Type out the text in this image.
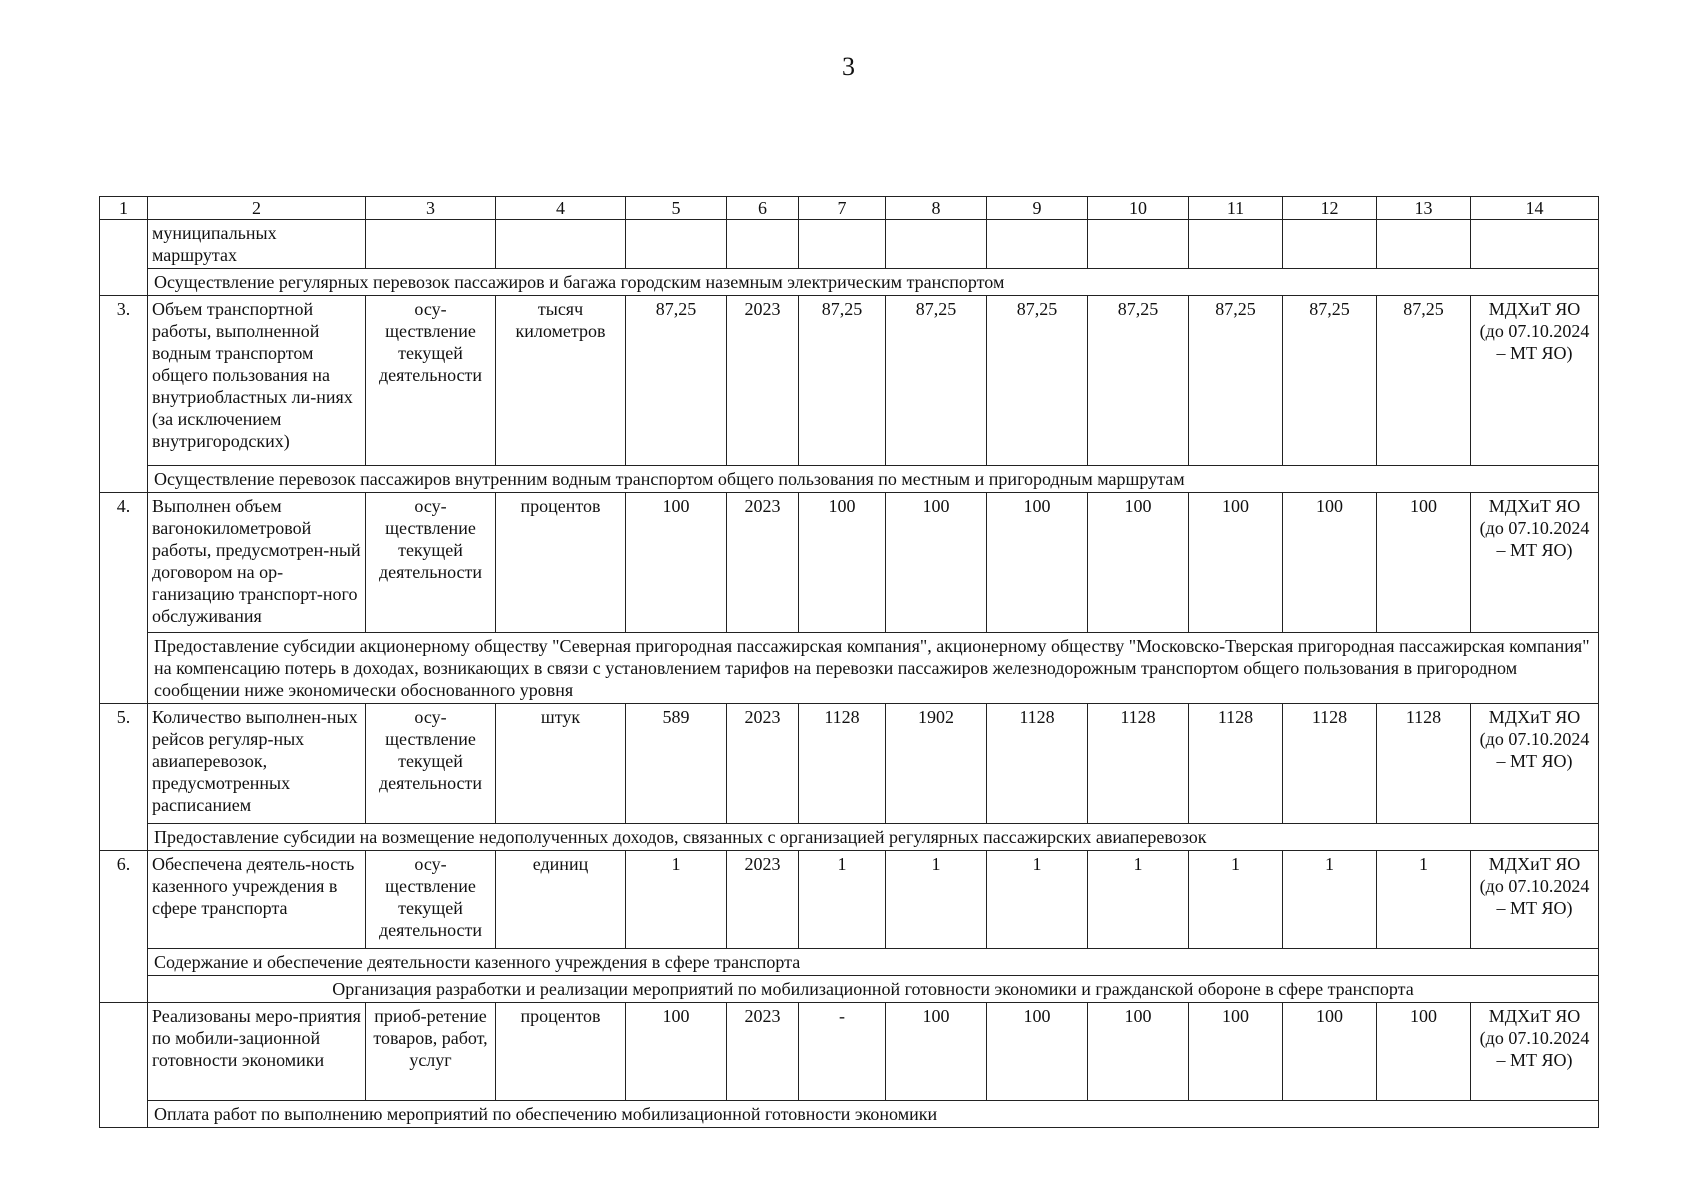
3
1	2	3	4	5	6	7	8	9	10	11	12	13	14
	муниципальных маршрутах												
	Осуществление регулярных перевозок пассажиров и багажа городским наземным электрическим транспортом												
3.	Объем транспортной работы, выполненной водным транспортом общего пользования на внутриобластных ли-ниях (за исключением внутригородских)	осу-ществление текущей деятельности	тысяч километров	87,25	2023	87,25	87,25	87,25	87,25	87,25	87,25	87,25	МДХиТ ЯО (до 07.10.2024 – МТ ЯО)
	Осуществление перевозок пассажиров внутренним водным транспортом общего пользования по местным и пригородным маршрутам												
4.	Выполнен объем вагонокилометровой работы, предусмотрен-ный договором на ор-ганизацию транспорт-ного обслуживания	осу-ществление текущей деятельности	процентов	100	2023	100	100	100	100	100	100	100	МДХиТ ЯО (до 07.10.2024 – МТ ЯО)
	Предоставление субсидии акционерному обществу "Северная пригородная пассажирская компания", акционерному обществу "Московско-Тверская пригородная пассажирская компания" на компенсацию потерь в доходах, возникающих в связи с установлением тарифов на перевозки пассажиров железнодорожным транспортом общего пользования в пригородном сообщении ниже экономически обоснованного уровня												
5.	Количество выполнен-ных рейсов регуляр-ных авиаперевозок, предусмотренных расписанием	осу-ществление текущей деятельности	штук	589	2023	1128	1902	1128	1128	1128	1128	1128	МДХиТ ЯО (до 07.10.2024 – МТ ЯО)
	Предоставление субсидии на возмещение недополученных доходов, связанных с организацией регулярных пассажирских авиаперевозок												
6.	Обеспечена деятель-ность казенного учреждения в сфере транспорта	осу-ществление текущей деятельности	единиц	1	2023	1	1	1	1	1	1	1	МДХиТ ЯО (до 07.10.2024 – МТ ЯО)
	Содержание и обеспечение деятельности казенного учреждения в сфере транспорта												
	Организация разработки и реализации мероприятий по мобилизационной готовности экономики и гражданской обороне в сфере транспорта												
	Реализованы меро-приятия по мобили-зационной готовности экономики	приоб-ретение товаров, работ, услуг	процентов	100	2023	-	100	100	100	100	100	100	МДХиТ ЯО (до 07.10.2024 – МТ ЯО)
	Оплата работ по выполнению мероприятий по обеспечению мобилизационной готовности экономики												
